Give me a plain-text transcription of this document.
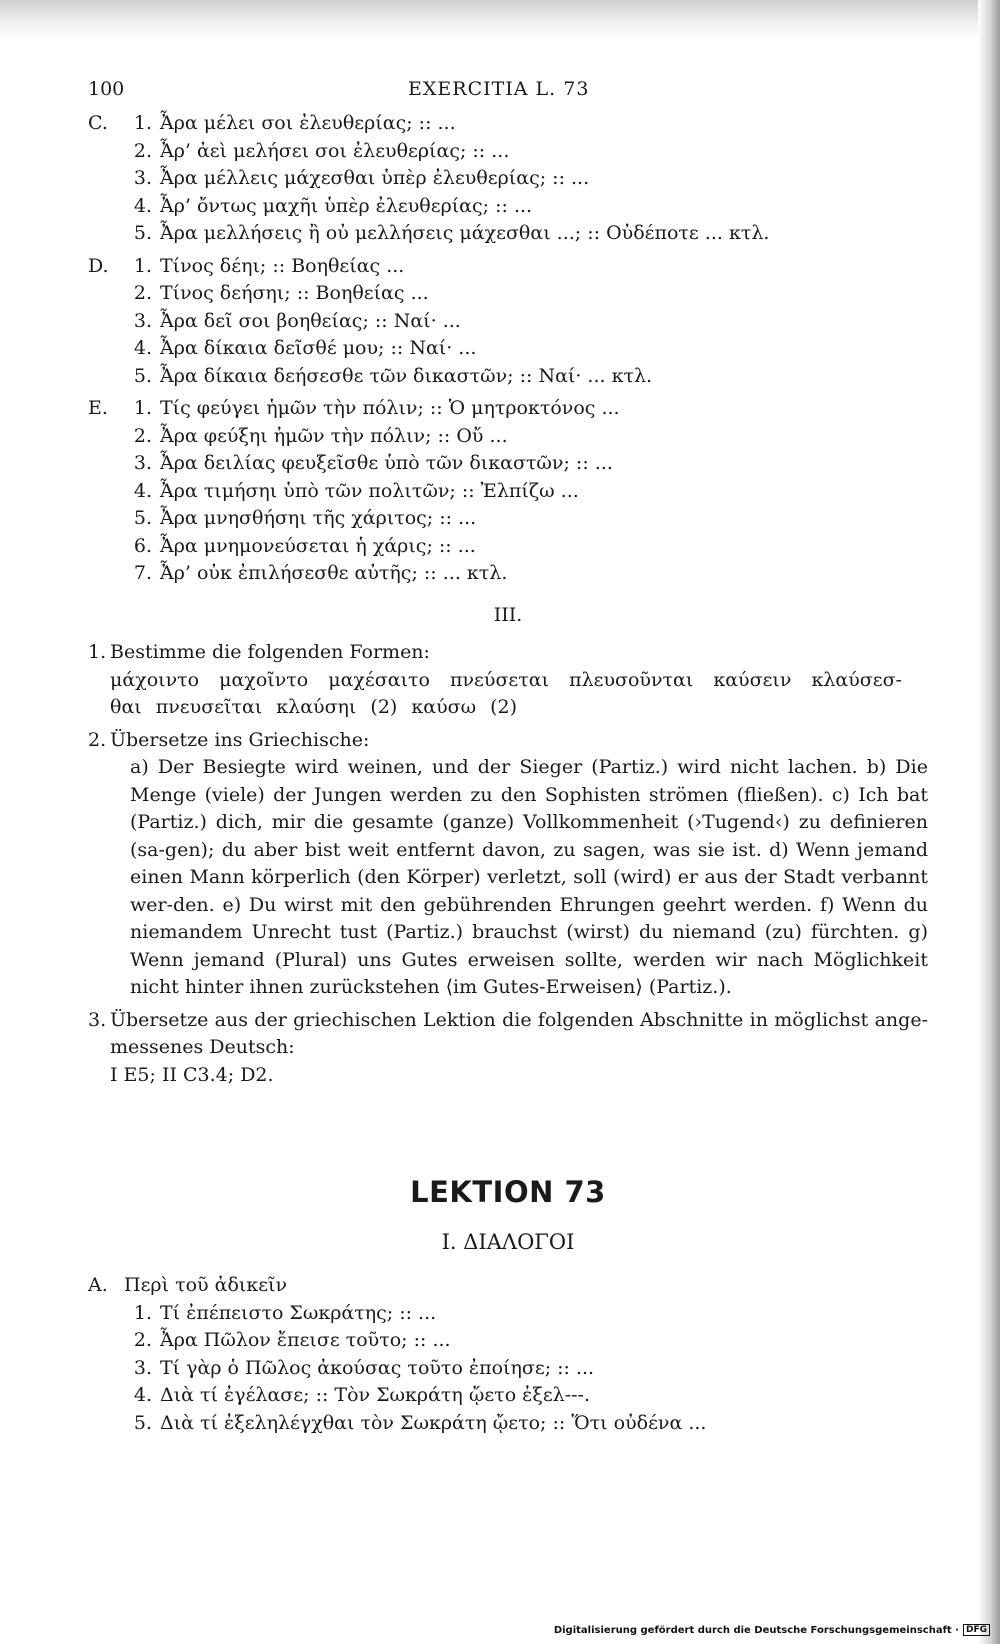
100	EXERCITIA L. 73
C.	1. Ἆρα μέλει σοι ἐλευθερίας; :: ...
2. Ἆρ’ ἀεὶ μελήσει σοι ἐλευθερίας; :: ...
3. Ἆρα μέλλεις μάχεσθαι ὑπὲρ ἐλευθερίας; :: ...
4. Ἆρ’ ὄντως μαχῆι ὑπὲρ ἐλευθερίας; :: ...
5. Ἆρα μελλήσεις ἢ οὐ μελλήσεις μάχεσθαι ...; :: Οὐδέποτε ... κτλ.
D.	1. Τίνος δέηι; :: Βοηθείας ...
2. Τίνος δεήσηι; :: Βοηθείας ...
3. Ἆρα δεῖ σοι βοηθείας; :: Ναί· ...
4. Ἆρα δίκαια δεῖσθέ μου; :: Ναί· ...
5. Ἆρα δίκαια δεήσεσθε τῶν δικαστῶν; :: Ναί· ... κτλ.
E.	1. Τίς φεύγει ἡμῶν τὴν πόλιν; :: Ὁ μητροκτόνος ...
2. Ἆρα φεύξηι ἡμῶν τὴν πόλιν; :: Οὔ ...
3. Ἆρα δειλίας φευξεῖσθε ὑπὸ τῶν δικαστῶν; :: ...
4. Ἆρα τιμήσηι ὑπὸ τῶν πολιτῶν; :: Ἐλπίζω ...
5. Ἆρα μνησθήσηι τῆς χάριτος; :: ...
6. Ἆρα μνημονεύσεται ἡ χάρις; :: ...
7. Ἆρ’ οὐκ ἐπιλήσεσθε αὐτῆς; :: ... κτλ.
III.
1. Bestimme die folgenden Formen:
μάχοιντο μαχοῖντο μαχέσαιτο πνεύσεται πλευσοῦνται καύσειν κλαύσεσ-
θαι πνευσεῖται κλαύσηι (2) καύσω (2)
2. Übersetze ins Griechische:
a) Der Besiegte wird weinen, und der Sieger (Partiz.) wird nicht lachen. b) Die Menge (viele) der Jungen werden zu den Sophisten strömen (fließen). c) Ich bat (Partiz.) dich, mir die gesamte (ganze) Vollkommenheit (›Tugend‹) zu definieren (sa-gen); du aber bist weit entfernt davon, zu sagen, was sie ist. d) Wenn jemand einen Mann körperlich (den Körper) verletzt, soll (wird) er aus der Stadt verbannt wer-den. e) Du wirst mit den gebührenden Ehrungen geehrt werden. f) Wenn du niemandem Unrecht tust (Partiz.) brauchst (wirst) du niemand (zu) fürchten. g) Wenn jemand (Plural) uns Gutes erweisen sollte, werden wir nach Möglichkeit nicht hinter ihnen zurückstehen ⟨im Gutes-Erweisen⟩ (Partiz.).
3. Übersetze aus der griechischen Lektion die folgenden Abschnitte in möglichst ange-messenes Deutsch:
I E5; II C3.4; D2.
LEKTION 73
I. ΔΙΑΛΟΓΟΙ
A. Περὶ τοῦ ἀδικεῖν
1. Τί ἐπέπειστο Σωκράτης; :: ...
2. Ἆρα Πῶλον ἔπεισε τοῦτο; :: ...
3. Τί γὰρ ὁ Πῶλος ἀκούσας τοῦτο ἐποίησε; :: ...
4. Διὰ τί ἐγέλασε; :: Τὸν Σωκράτη ᾤετο ἐξελ---.
5. Διὰ τί ἐξεληλέγχθαι τὸν Σωκράτη ᾤετο; :: Ὅτι οὐδένα ...
Digitalisierung gefördert durch die Deutsche Forschungsgemeinschaft · DFG
